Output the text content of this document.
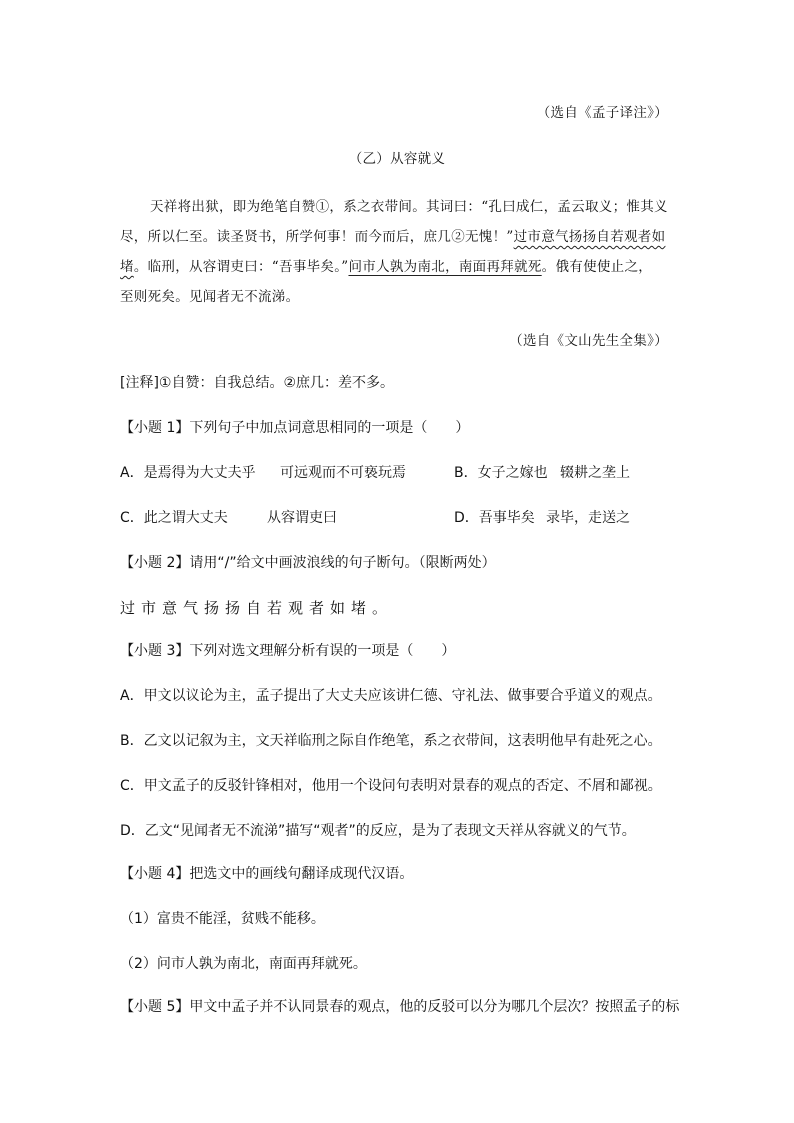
（选自《孟子译注》）
（乙）从容就义
天祥将出狱，即为绝笔自赞①，系之衣带间。其词曰：“孔曰成仁，孟云取义；惟其义
尽，所以仁至。读圣贤书，所学何事！而今而后，庶几②无愧！”过市意气扬扬自若观者如
堵。临刑，从容谓吏曰：“吾事毕矣。”问市人孰为南北，南面再拜就死。俄有使使止之，
至则死矣。见闻者无不流涕。
（选自《文山先生全集》）
[注释]①自赞：自我总结。②庶几：差不多。
【小题 1】下列句子中加点词意思相同的一项是（　　）
A．是焉得为大丈夫乎 可远观而不可亵玩焉	B．女子之嫁也 辍耕之垄上
C．此之谓大丈夫	从容谓吏曰	D．吾事毕矣 录毕，走送之
【小题 2】请用“/”给文中画波浪线的句子断句。（限断两处）
过市意气扬扬自若观者如堵。
【小题 3】下列对选文理解分析有误的一项是（　　）
A．甲文以议论为主，孟子提出了大丈夫应该讲仁德、守礼法、做事要合乎道义的观点。
B．乙文以记叙为主，文天祥临刑之际自作绝笔，系之衣带间，这表明他早有赴死之心。
C．甲文孟子的反驳针锋相对，他用一个设问句表明对景春的观点的否定、不屑和鄙视。
D．乙文“见闻者无不流涕”描写“观者”的反应，是为了表现文天祥从容就义的气节。
【小题 4】把选文中的画线句翻译成现代汉语。
（1）富贵不能淫，贫贱不能移。
（2）问市人孰为南北，南面再拜就死。
【小题 5】甲文中孟子并不认同景春的观点，他的反驳可以分为哪几个层次？按照孟子的标
